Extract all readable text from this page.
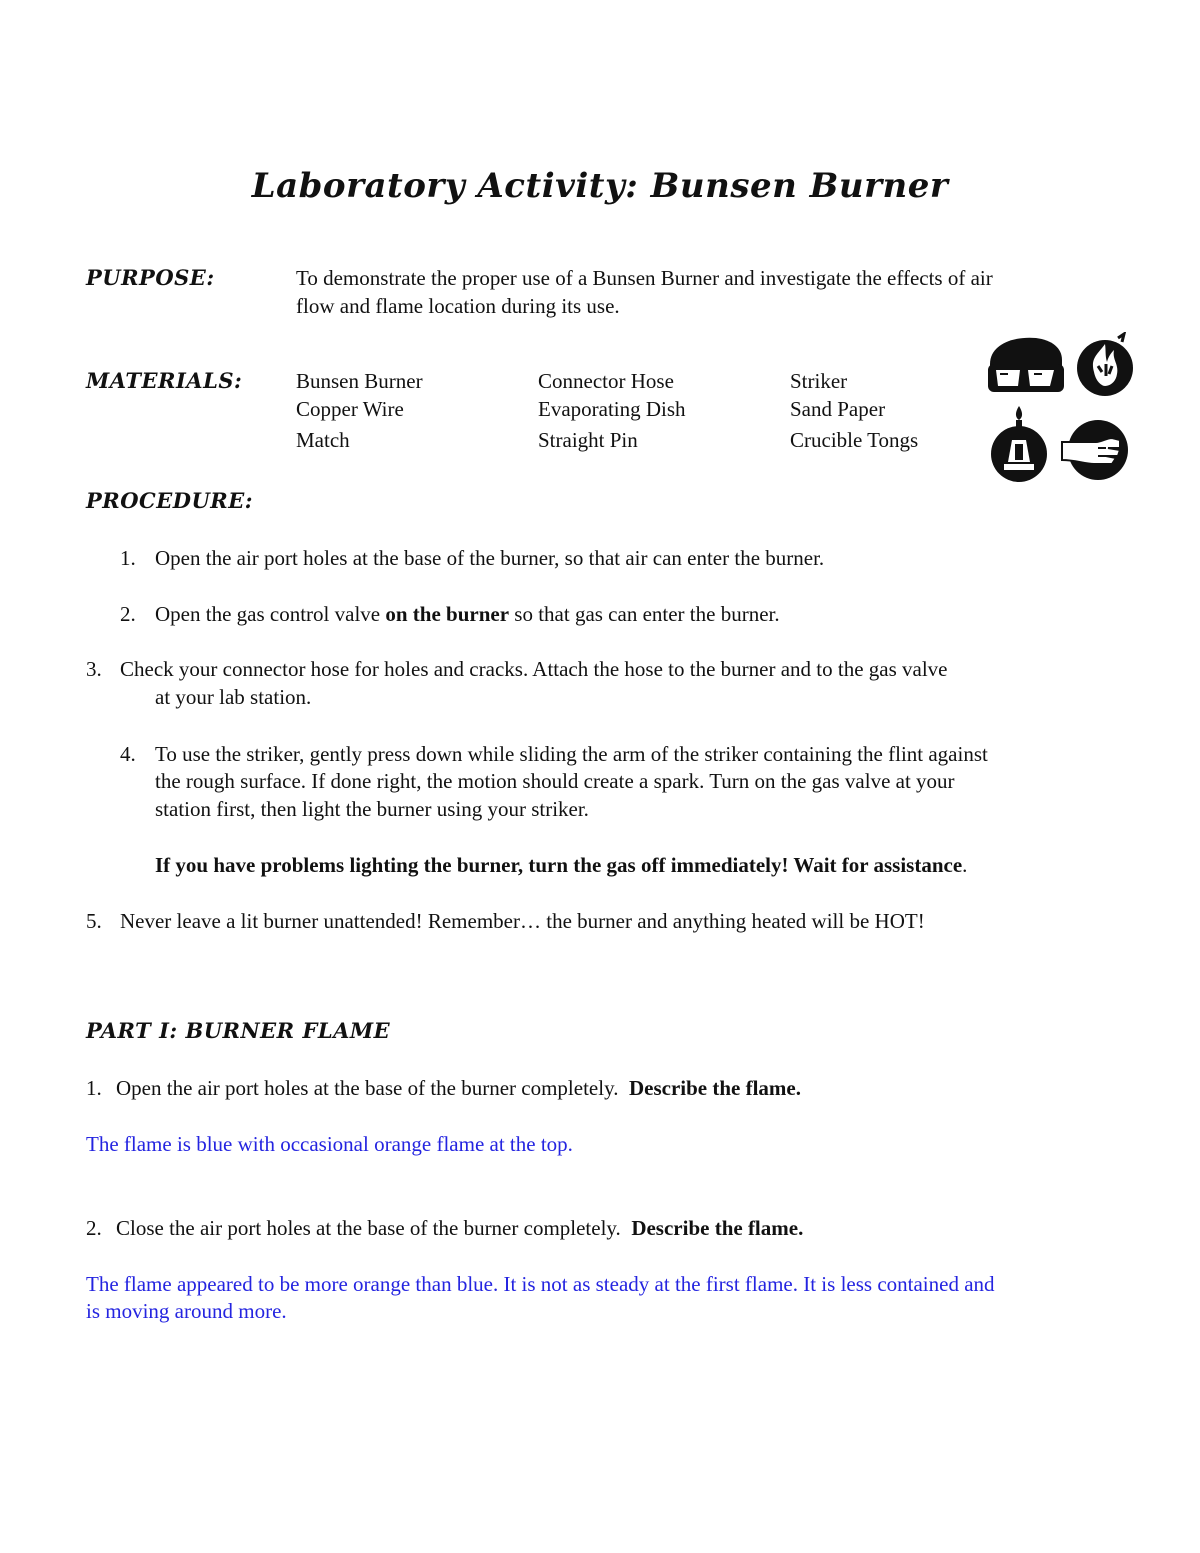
Laboratory Activity: Bunsen Burner
PURPOSE:	To demonstrate the proper use of a Bunsen Burner and investigate the effects of air
flow and flame location during its use.
MATERIALS:	Bunsen Burner	Connector Hose	Striker
Copper Wire	Evaporating Dish	Sand Paper
Match	Straight Pin	Crucible Tongs
PROCEDURE:
1. Open the air port holes at the base of the burner, so that air can enter the burner.
2. Open the gas control valve on the burner so that gas can enter the burner.
3. Check your connector hose for holes and cracks. Attach the hose to the burner and to the gas valve
at your lab station.
4. To use the striker, gently press down while sliding the arm of the striker containing the flint against
the rough surface. If done right, the motion should create a spark. Turn on the gas valve at your
station first, then light the burner using your striker.
If you have problems lighting the burner, turn the gas off immediately! Wait for assistance.
5. Never leave a lit burner unattended! Remember… the burner and anything heated will be HOT!
PART I: BURNER FLAME
1. Open the air port holes at the base of the burner completely.  Describe the flame.
The flame is blue with occasional orange flame at the top.
2. Close the air port holes at the base of the burner completely.  Describe the flame.
The flame appeared to be more orange than blue. It is not as steady at the first flame. It is less contained and
is moving around more.
